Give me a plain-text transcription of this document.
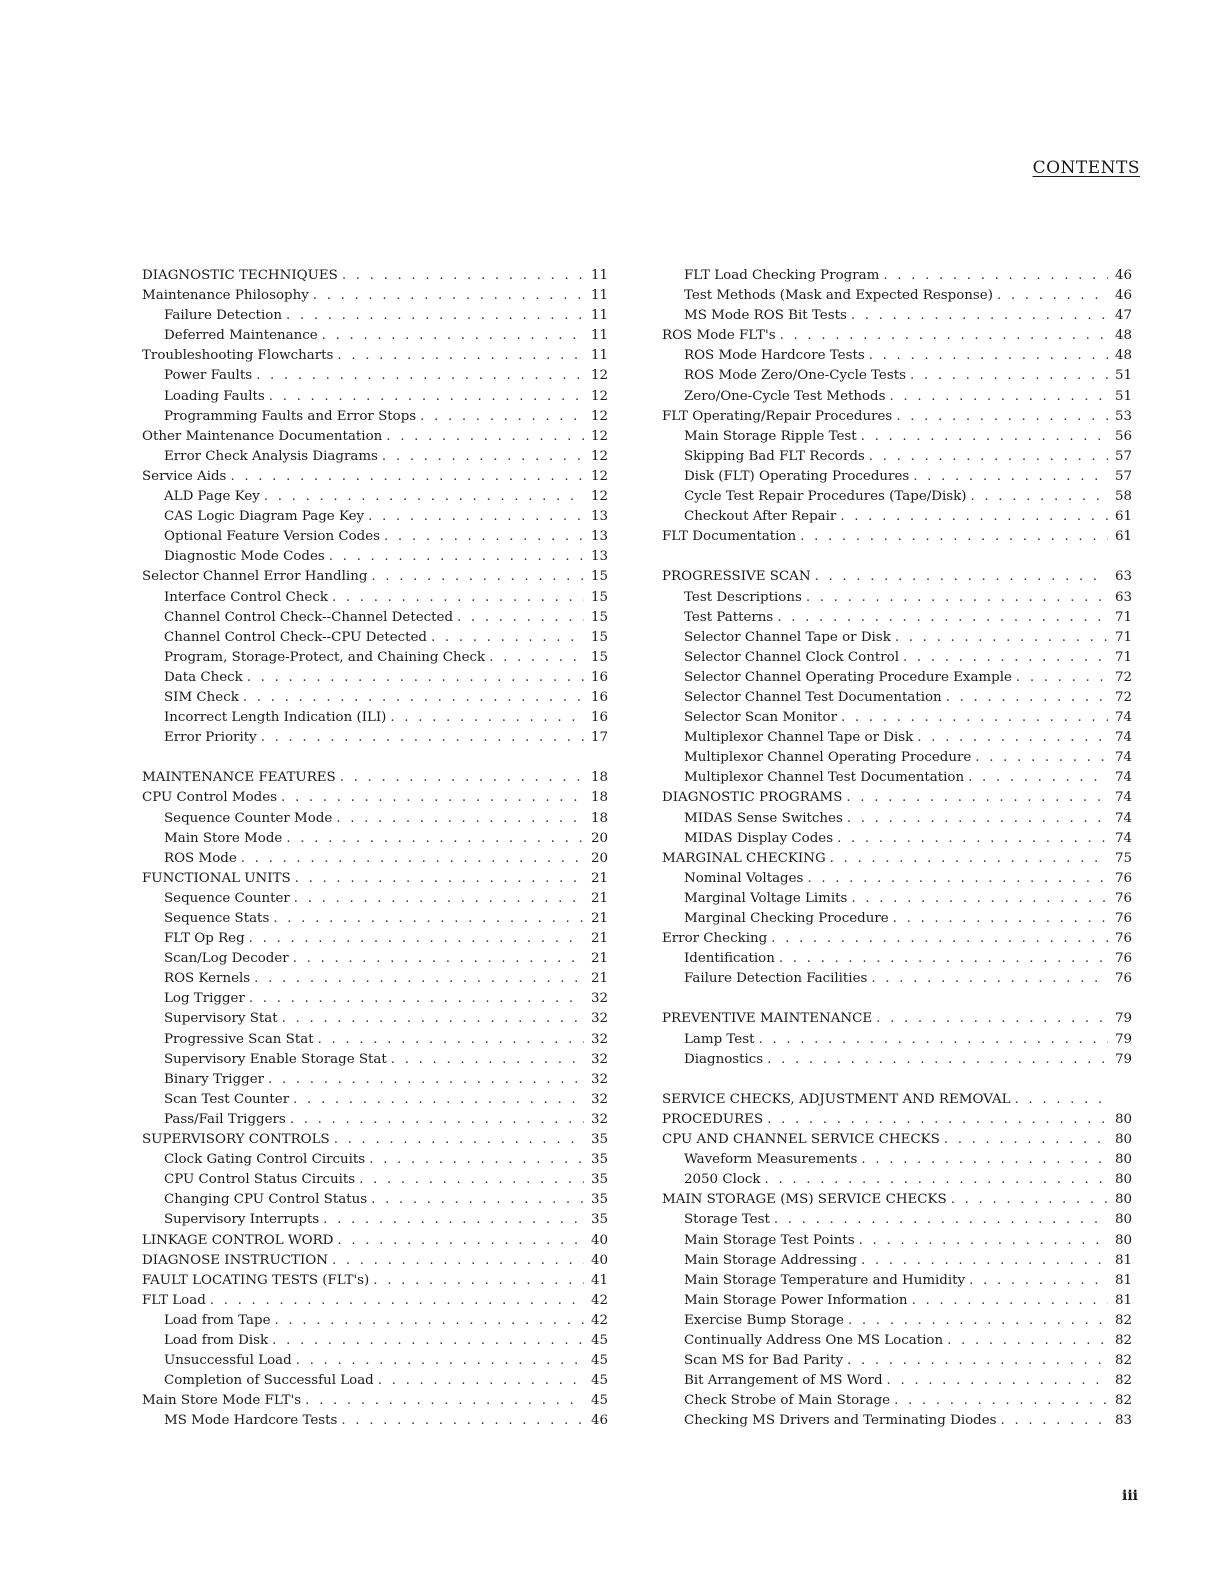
CONTENTS
DIAGNOSTIC TECHNIQUES . . .	11
Maintenance Philosophy . . .	11
Failure Detection . . .	11
Deferred Maintenance . . .	11
Troubleshooting Flowcharts . . .	11
Power Faults . . .	12
Loading Faults . . .	12
Programming Faults and Error Stops . . .	12
Other Maintenance Documentation . . .	12
Error Check Analysis Diagrams . . .	12
Service Aids . . .	12
ALD Page Key . . .	12
CAS Logic Diagram Page Key . . .	13
Optional Feature Version Codes . . .	13
Diagnostic Mode Codes . . .	13
Selector Channel Error Handling . . .	15
Interface Control Check . . .	15
Channel Control Check--Channel Detected . . .	15
Channel Control Check--CPU Detected . . .	15
Program, Storage-Protect, and Chaining Check . . .	15
Data Check . . .	16
SIM Check . . .	16
Incorrect Length Indication (ILI) . . .	16
Error Priority . . .	17
MAINTENANCE FEATURES . . .	18
CPU Control Modes . . .	18
Sequence Counter Mode . . .	18
Main Store Mode . . .	20
ROS Mode . . .	20
FUNCTIONAL UNITS . . .	21
Sequence Counter . . .	21
Sequence Stats . . .	21
FLT Op Reg . . .	21
Scan/Log Decoder . . .	21
ROS Kernels . . .	21
Log Trigger . . .	32
Supervisory Stat . . .	32
Progressive Scan Stat . . .	32
Supervisory Enable Storage Stat . . .	32
Binary Trigger . . .	32
Scan Test Counter . . .	32
Pass/Fail Triggers . . .	32
SUPERVISORY CONTROLS . . .	35
Clock Gating Control Circuits . . .	35
CPU Control Status Circuits . . .	35
Changing CPU Control Status . . .	35
Supervisory Interrupts . . .	35
LINKAGE CONTROL WORD . . .	40
DIAGNOSE INSTRUCTION . . .	40
FAULT LOCATING TESTS (FLT's) . . .	41
FLT Load . . .	42
Load from Tape . . .	42
Load from Disk . . .	45
Unsuccessful Load . . .	45
Completion of Successful Load . . .	45
Main Store Mode FLT's . . .	45
MS Mode Hardcore Tests . . .	46
FLT Load Checking Program . . .	46
Test Methods (Mask and Expected Response) . . .	46
MS Mode ROS Bit Tests . . .	47
ROS Mode FLT's . . .	48
ROS Mode Hardcore Tests . . .	48
ROS Mode Zero/One-Cycle Tests . . .	51
Zero/One-Cycle Test Methods . . .	51
FLT Operating/Repair Procedures . . .	53
Main Storage Ripple Test . . .	56
Skipping Bad FLT Records . . .	57
Disk (FLT) Operating Procedures . . .	57
Cycle Test Repair Procedures (Tape/Disk) . . .	58
Checkout After Repair . . .	61
FLT Documentation . . .	61
PROGRESSIVE SCAN . . .	63
Test Descriptions . . .	63
Test Patterns . . .	71
Selector Channel Tape or Disk . . .	71
Selector Channel Clock Control . . .	71
Selector Channel Operating Procedure Example . . .	72
Selector Channel Test Documentation . . .	72
Selector Scan Monitor . . .	74
Multiplexor Channel Tape or Disk . . .	74
Multiplexor Channel Operating Procedure . . .	74
Multiplexor Channel Test Documentation . . .	74
DIAGNOSTIC PROGRAMS . . .	74
MIDAS Sense Switches . . .	74
MIDAS Display Codes . . .	74
MARGINAL CHECKING . . .	75
Nominal Voltages . . .	76
Marginal Voltage Limits . . .	76
Marginal Checking Procedure . . .	76
Error Checking . . .	76
Identification . . .	76
Failure Detection Facilities . . .	76
PREVENTIVE MAINTENANCE . . .	79
Lamp Test . . .	79
Diagnostics . . .	79
SERVICE CHECKS, ADJUSTMENT AND REMOVAL
. . .
PROCEDURES . . .	80
CPU AND CHANNEL SERVICE CHECKS . . .	80
Waveform Measurements . . .	80
2050 Clock . . .	80
MAIN STORAGE (MS) SERVICE CHECKS . . .	80
Storage Test . . .	80
Main Storage Test Points . . .	80
Main Storage Addressing . . .	81
Main Storage Temperature and Humidity . . .	81
Main Storage Power Information . . .	81
Exercise Bump Storage . . .	82
Continually Address One MS Location . . .	82
Scan MS for Bad Parity . . .	82
Bit Arrangement of MS Word . . .	82
Check Strobe of Main Storage . . .	82
Checking MS Drivers and Terminating Diodes . . .	83
iii
